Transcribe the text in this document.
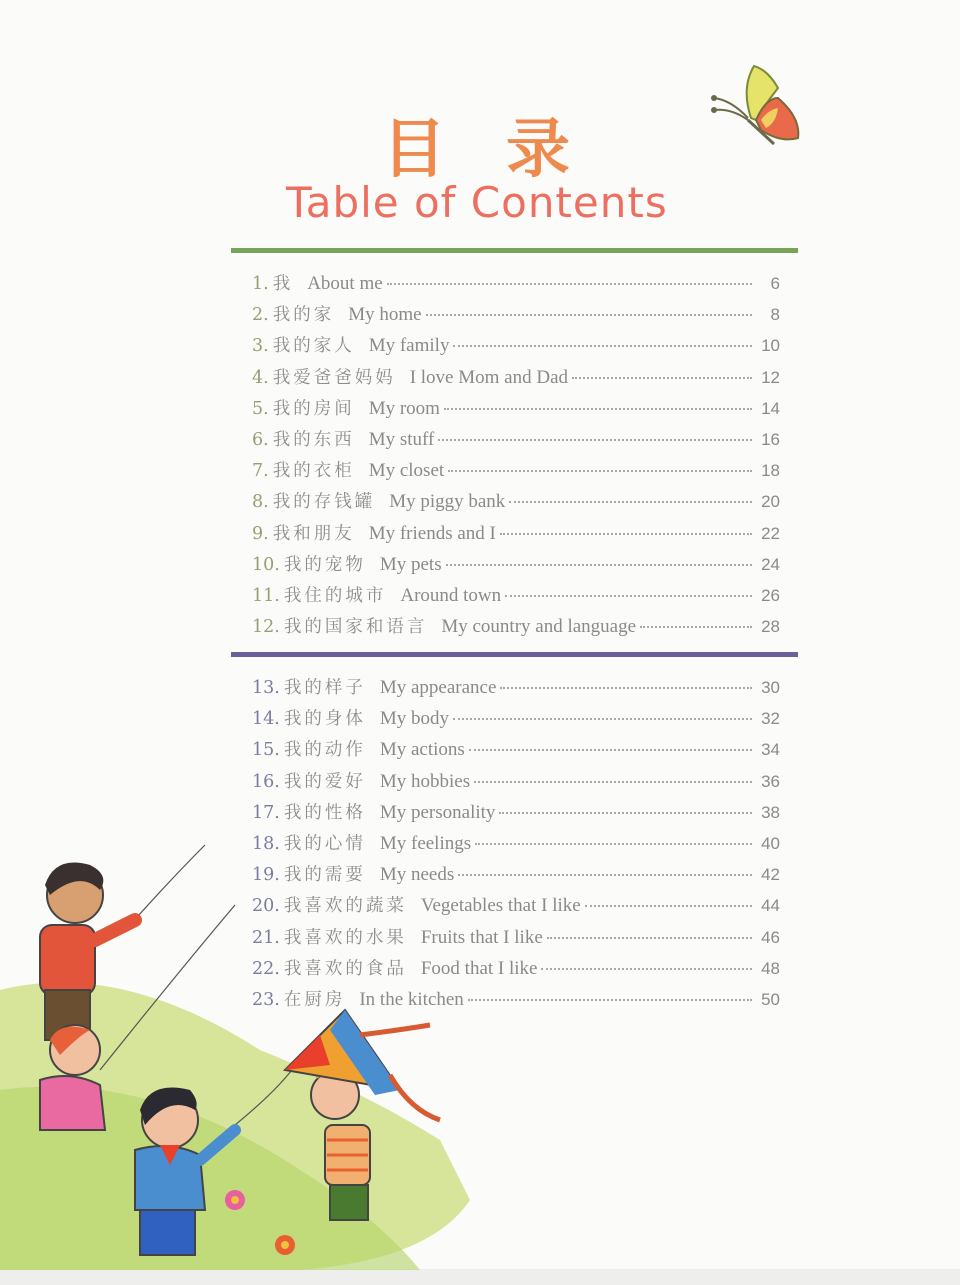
目录
Table of Contents
1. 我 About me	6
2. 我的家 My home	8
3. 我的家人 My family	10
4. 我爱爸爸妈妈 I love Mom and Dad	12
5. 我的房间 My room	14
6. 我的东西 My stuff	16
7. 我的衣柜 My closet	18
8. 我的存钱罐 My piggy bank	20
9. 我和朋友 My friends and I	22
10. 我的宠物 My pets	24
11. 我住的城市 Around town	26
12. 我的国家和语言 My country and language	28
13. 我的样子 My appearance	30
14. 我的身体 My body	32
15. 我的动作 My actions	34
16. 我的爱好 My hobbies	36
17. 我的性格 My personality	38
18. 我的心情 My feelings	40
19. 我的需要 My needs	42
20. 我喜欢的蔬菜 Vegetables that I like	44
21. 我喜欢的水果 Fruits that I like	46
22. 我喜欢的食品 Food that I like	48
23. 在厨房 In the kitchen	50
